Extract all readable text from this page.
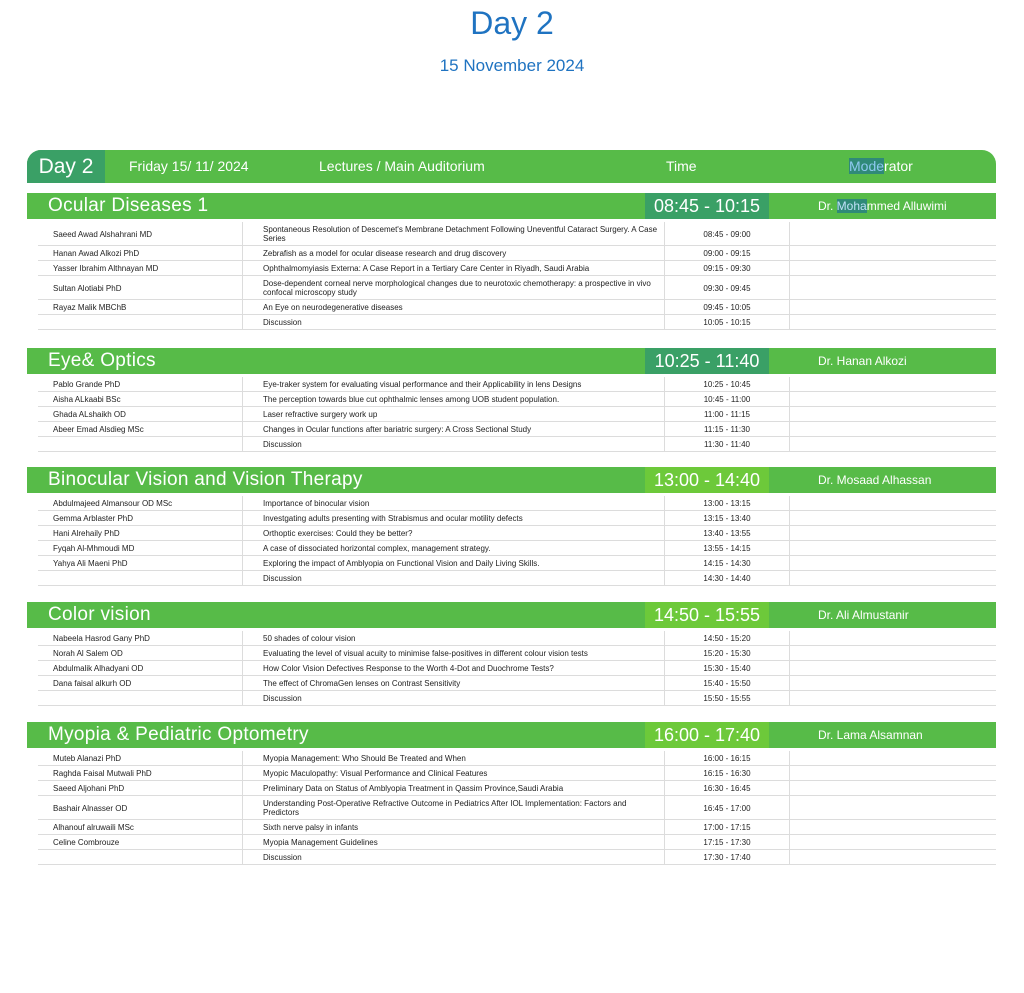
Day 2
15 November 2024
Day 2	Friday 15/ 11/ 2024	Lectures / Main Auditorium	Time	Moderator
Ocular Diseases 1	08:45 - 10:15	Dr. Mohammed Alluwimi
Saeed Awad Alshahrani MD	Spontaneous Resolution of Descemet's Membrane Detachment Following Uneventful Cataract Surgery. A Case Series	08:45 - 09:00	
Hanan Awad Alkozi PhD	Zebrafish as a model for ocular disease research and drug discovery	09:00 - 09:15	
Yasser Ibrahim Althnayan MD	Ophthalmomyiasis Externa: A Case Report in a Tertiary Care Center in Riyadh, Saudi Arabia	09:15 - 09:30	
Sultan Alotiabi PhD	Dose-dependent corneal nerve morphological changes due to neurotoxic chemotherapy: a prospective in vivo confocal microscopy study	09:30 - 09:45	
Rayaz Malik MBChB	An Eye on neurodegenerative diseases	09:45 - 10:05	
	Discussion	10:05 - 10:15	
Eye& Optics	10:25 - 11:40	Dr. Hanan Alkozi
Pablo Grande PhD	Eye-traker system for evaluating visual performance and their Applicability in lens Designs	10:25 - 10:45	
Aisha ALkaabi BSc	The perception towards blue cut ophthalmic lenses among UOB student population.	10:45 - 11:00	
Ghada ALshaikh OD	Laser refractive surgery work up	11:00 - 11:15	
Abeer Emad Alsdieg MSc	Changes in Ocular functions after bariatric surgery: A Cross Sectional Study	11:15 - 11:30	
	Discussion	11:30 - 11:40	
Binocular Vision and Vision Therapy	13:00 - 14:40	Dr. Mosaad Alhassan
Abdulmajeed Almansour OD MSc	Importance of binocular vision	13:00 - 13:15	
Gemma Arblaster PhD	Investgating adults presenting with Strabismus and ocular motility defects	13:15 - 13:40	
Hani Alrehaily PhD	Orthoptic exercises: Could they be better?	13:40 - 13:55	
Fyqah Al-Mhmoudi MD	A case of dissociated horizontal complex, management strategy.	13:55 - 14:15	
Yahya Ali Maeni PhD	Exploring the impact of Amblyopia on Functional Vision and Daily Living Skills.	14:15 - 14:30	
	Discussion	14:30 - 14:40	
Color vision	14:50 - 15:55	Dr. Ali Almustanir
Nabeela Hasrod Gany PhD	50 shades of colour vision	14:50 - 15:20	
Norah Al Salem OD	Evaluating the level of visual acuity to minimise false-positives in different colour vision tests	15:20 - 15:30	
Abdulmalik Alhadyani OD	How Color Vision Defectives Response to the Worth 4-Dot and Duochrome Tests?	15:30 - 15:40	
Dana faisal alkurh OD	The effect of ChromaGen lenses on Contrast Sensitivity	15:40 - 15:50	
	Discussion	15:50 - 15:55	
Myopia & Pediatric Optometry	16:00 - 17:40	Dr. Lama Alsamnan
Muteb Alanazi PhD	Myopia Management: Who Should Be Treated and When	16:00 - 16:15	
Raghda Faisal Mutwali PhD	Myopic Maculopathy: Visual Performance and Clinical Features	16:15 - 16:30	
Saeed Aljohani PhD	Preliminary Data on Status of Amblyopia Treatment in Qassim Province,Saudi Arabia	16:30 - 16:45	
Bashair Alnasser OD	Understanding Post-Operative Refractive Outcome in Pediatrics After IOL Implementation: Factors and Predictors	16:45 - 17:00	
Alhanouf alruwaili MSc	Sixth nerve palsy in infants	17:00 - 17:15	
Celine Combrouze	Myopia Management Guidelines	17:15 - 17:30	
	Discussion	17:30 - 17:40	
